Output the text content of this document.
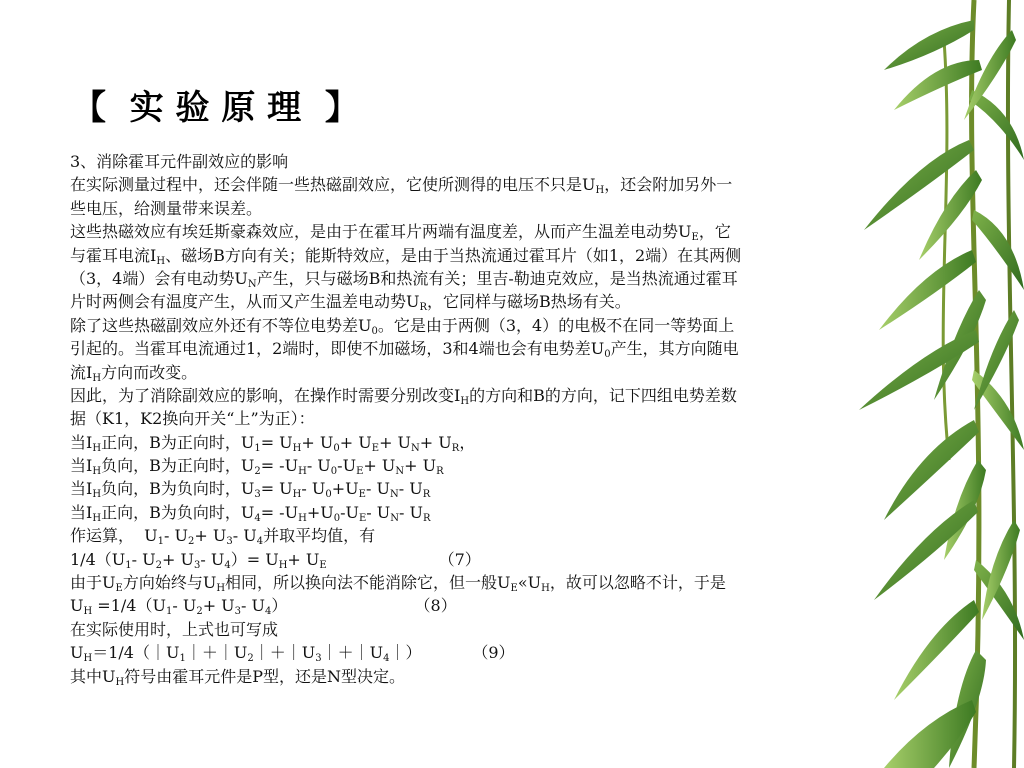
【  实 验 原 理  】
3、消除霍耳元件副效应的影响
在实际测量过程中，还会伴随一些热磁副效应，它使所测得的电压不只是$U_H$，还会附加另外一
些电压，给测量带来误差。
这些热磁效应有埃廷斯豪森效应，是由于在霍耳片两端有温度差，从而产生温差电动势$U_E$，它
与霍耳电流$I_H$、磁场B方向有关；能斯特效应，是由于当热流通过霍耳片（如1，2端）在其两侧
（3，4端）会有电动势$U_N$产生，只与磁场B和热流有关；里吉-勒迪克效应，是当热流通过霍耳
片时两侧会有温度产生，从而又产生温差电动势$U_R$，它同样与磁场B热场有关。
除了这些热磁副效应外还有不等位电势差$U_0$。它是由于两侧（3，4）的电极不在同一等势面上
引起的。当霍耳电流通过1，2端时，即使不加磁场，3和4端也会有电势差$U_0$产生，其方向随电
流$I_H$方向而改变。
因此，为了消除副效应的影响，在操作时需要分别改变$I_H$的方向和B的方向，记下四组电势差数
据（K1，K2换向开关“上”为正）：
当$I_H$正向，B为正向时，$U_1= U_H+ U_0+ U_E+ U_N+ U_R$，
当$I_H$负向，B为正向时，$U_2= -U_H-$ $U_0-U_E+ U_N+ U_R$
当$I_H$负向，B为负向时，$U_3= U_H-$ $U_0+U_E-$ $U_N-$ $U_R$
当$I_H$正向，B为负向时，$U_4= -U_H+U_0-U_E-$ $U_N-$ $U_R$
作运算，  $U_1-$ $U_2+ U_3-$ $U_4$并取平均值，有
$1/4(U_1-$ $U_2+ U_3-$ $U_4)= U_H+ U_E$                      （7）
由于$U_E$方向始终与$U_H$相同，所以换向法不能消除它，但一般$U_E«U_H$，故可以忽略不计，于是
$U_H =1/4(U_1-$ $U_2+ U_3-$ $U_4$）                         （8）
在实际使用时，上式也可写成
$U_H=1/4(|U_1|+|U_2|+|U_3|+|U_4|)$          （9）
其中$U_H$符号由霍耳元件是P型，还是N型决定。
